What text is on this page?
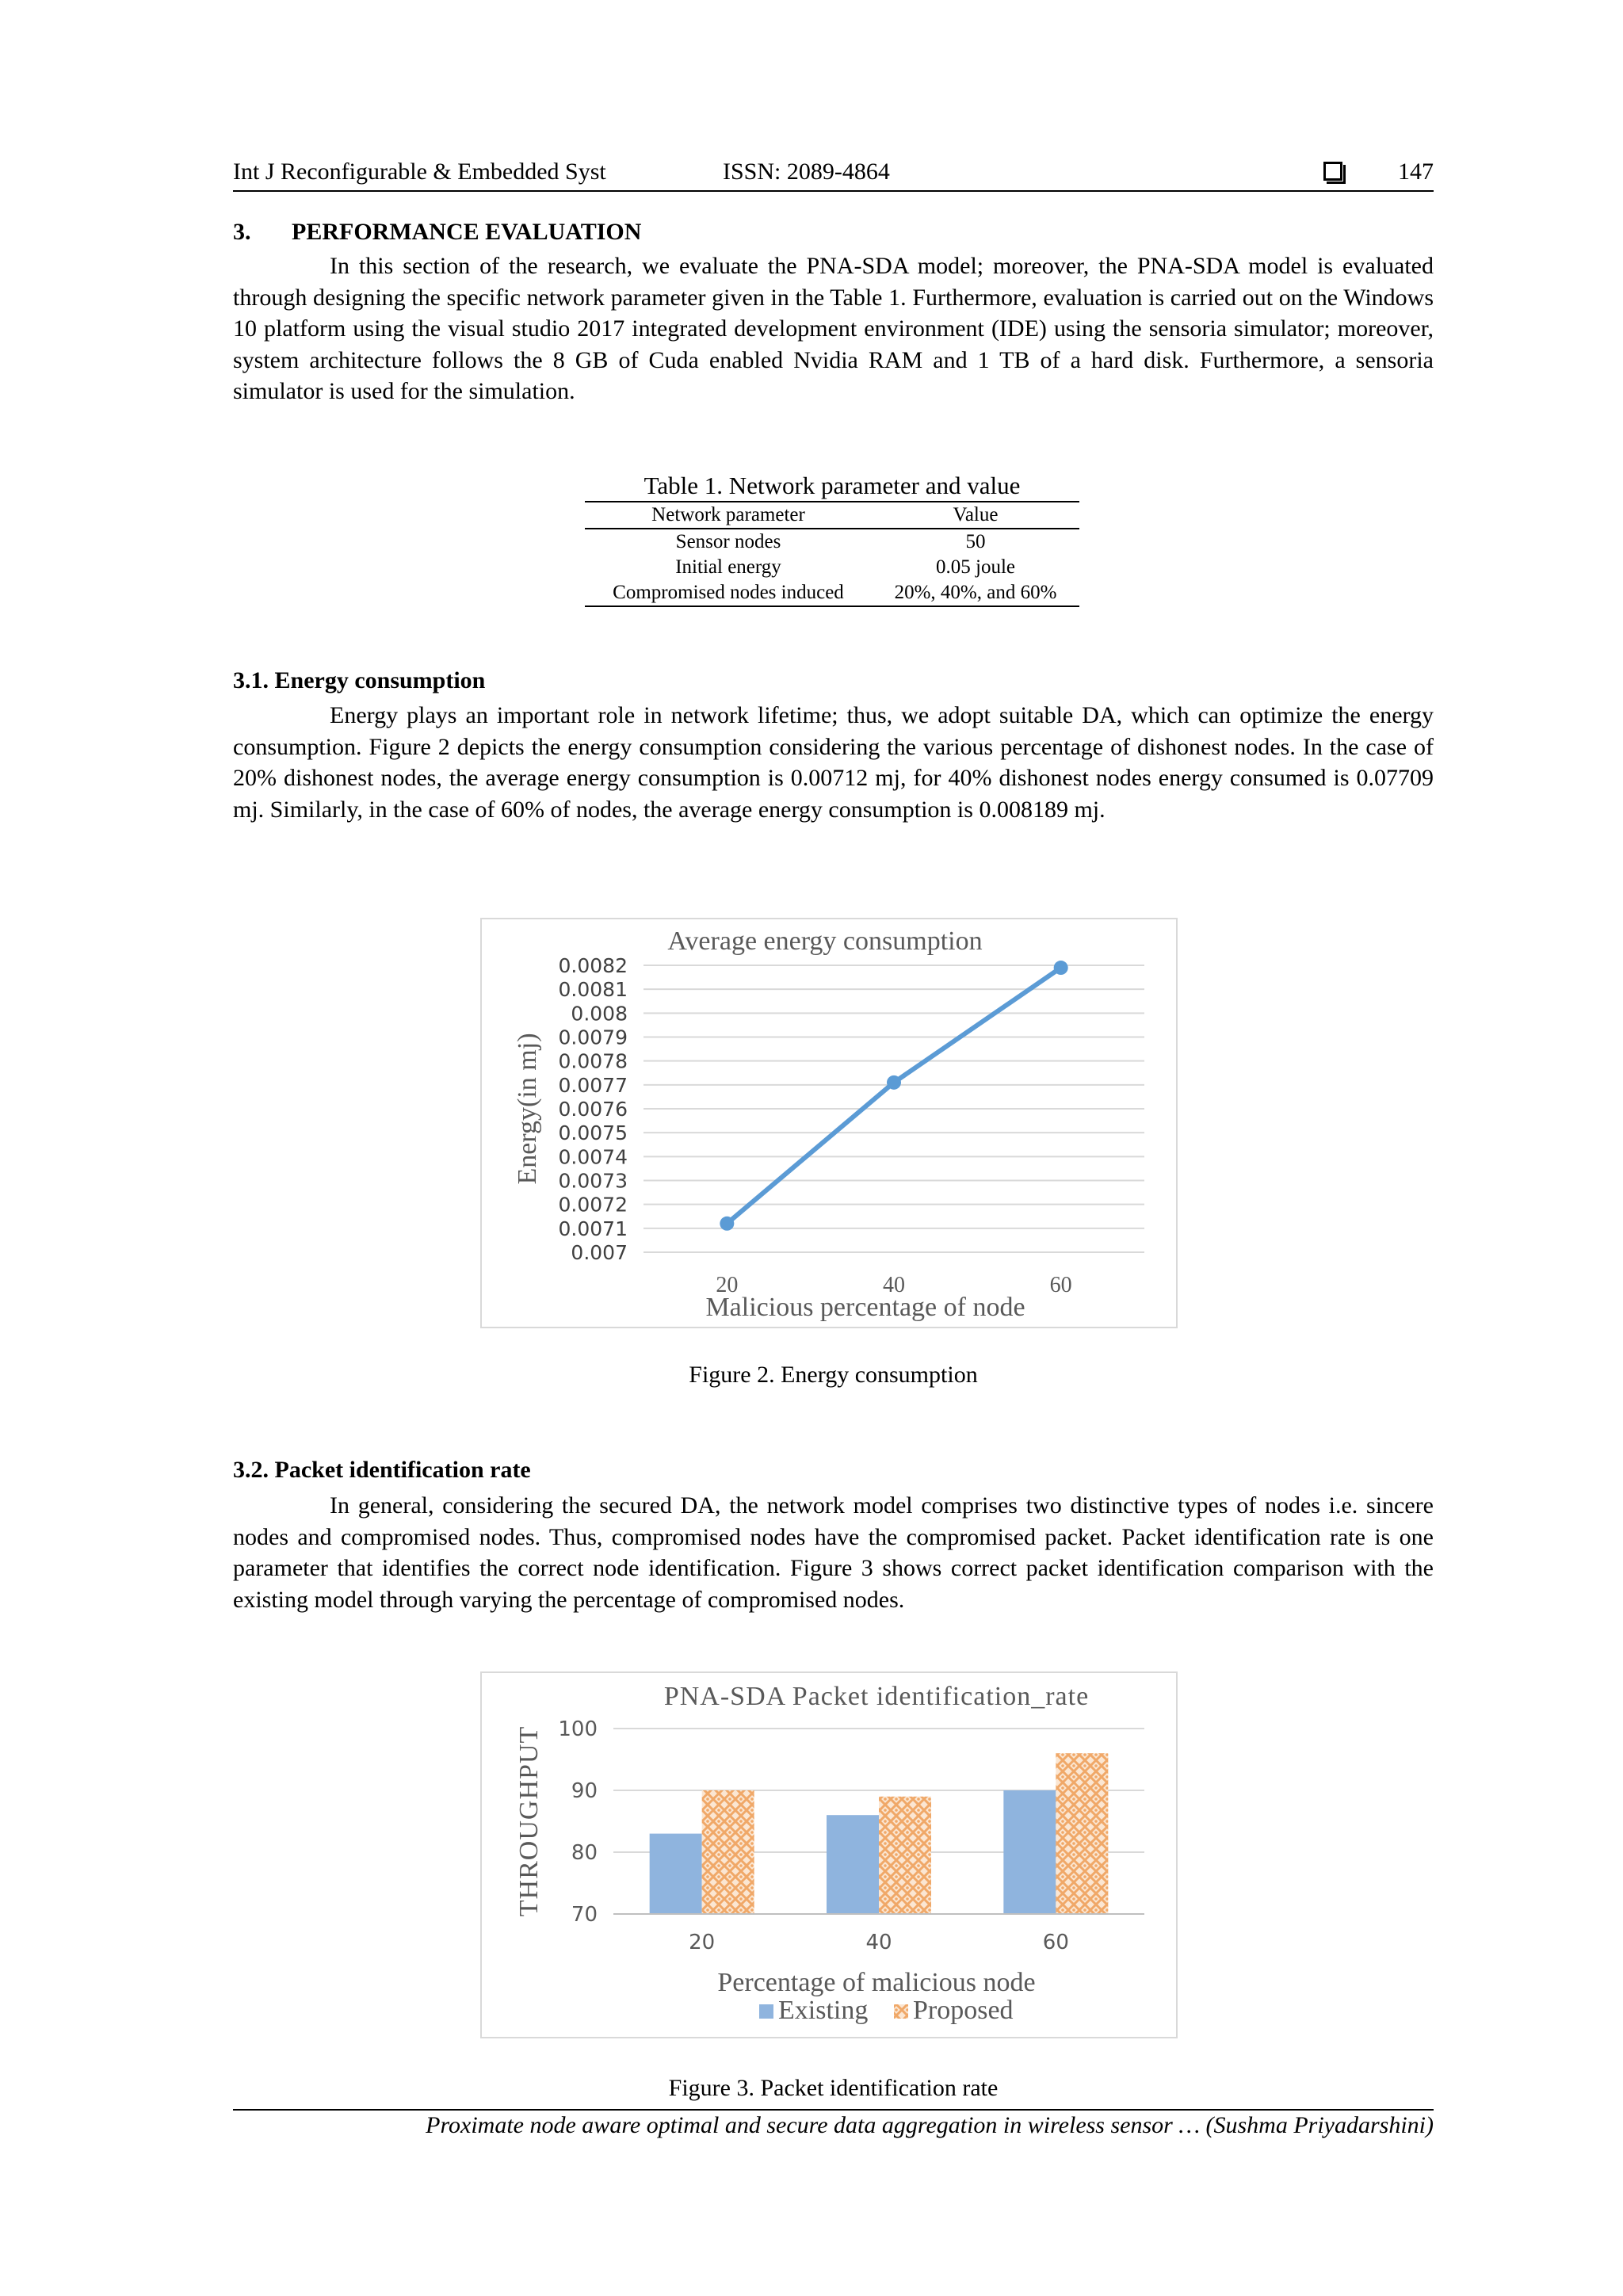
Int J Reconfigurable & Embedded Syst	ISSN: 2089-4864	147
3. PERFORMANCE EVALUATION
In this section of the research, we evaluate the PNA-SDA model; moreover, the PNA-SDA model is evaluated through designing the specific network parameter given in the Table 1. Furthermore, evaluation is carried out on the Windows 10 platform using the visual studio 2017 integrated development environment (IDE) using the sensoria simulator; moreover, system architecture follows the 8 GB of Cuda enabled Nvidia RAM and 1 TB of a hard disk. Furthermore, a sensoria simulator is used for the simulation.
Table 1. Network parameter and value
Network parameter	Value
Sensor nodes	50
Initial energy	0.05 joule
Compromised nodes induced	20%, 40%, and 60%
3.1. Energy consumption
Energy plays an important role in network lifetime; thus, we adopt suitable DA, which can optimize the energy consumption. Figure 2 depicts the energy consumption considering the various percentage of dishonest nodes. In the case of 20% dishonest nodes, the average energy consumption is 0.00712 mj, for 40% dishonest nodes energy consumed is 0.07709 mj. Similarly, in the case of 60% of nodes, the average energy consumption is 0.008189 mj.
0.007
0.0071
0.0072
0.0073
0.0074
0.0075
0.0076
0.0077
0.0078
0.0079
0.008
0.0081
0.0082
20	40	60
Average energy consumption
Malicious percentage of node
Energy(in mj)
Figure 2. Energy consumption
3.2. Packet identification rate
In general, considering the secured DA, the network model comprises two distinctive types of nodes i.e. sincere nodes and compromised nodes. Thus, compromised nodes have the compromised packet. Packet identification rate is one parameter that identifies the correct node identification. Figure 3 shows correct packet identification comparison with the existing model through varying the percentage of compromised nodes.
70
80
90
100
20	40	60
PNA-SDA Packet identification_rate
Percentage of malicious node
THROUGHPUT
Existing Proposed
Figure 3. Packet identification rate
Proximate node aware optimal and secure data aggregation in wireless sensor … (Sushma Priyadarshini)
